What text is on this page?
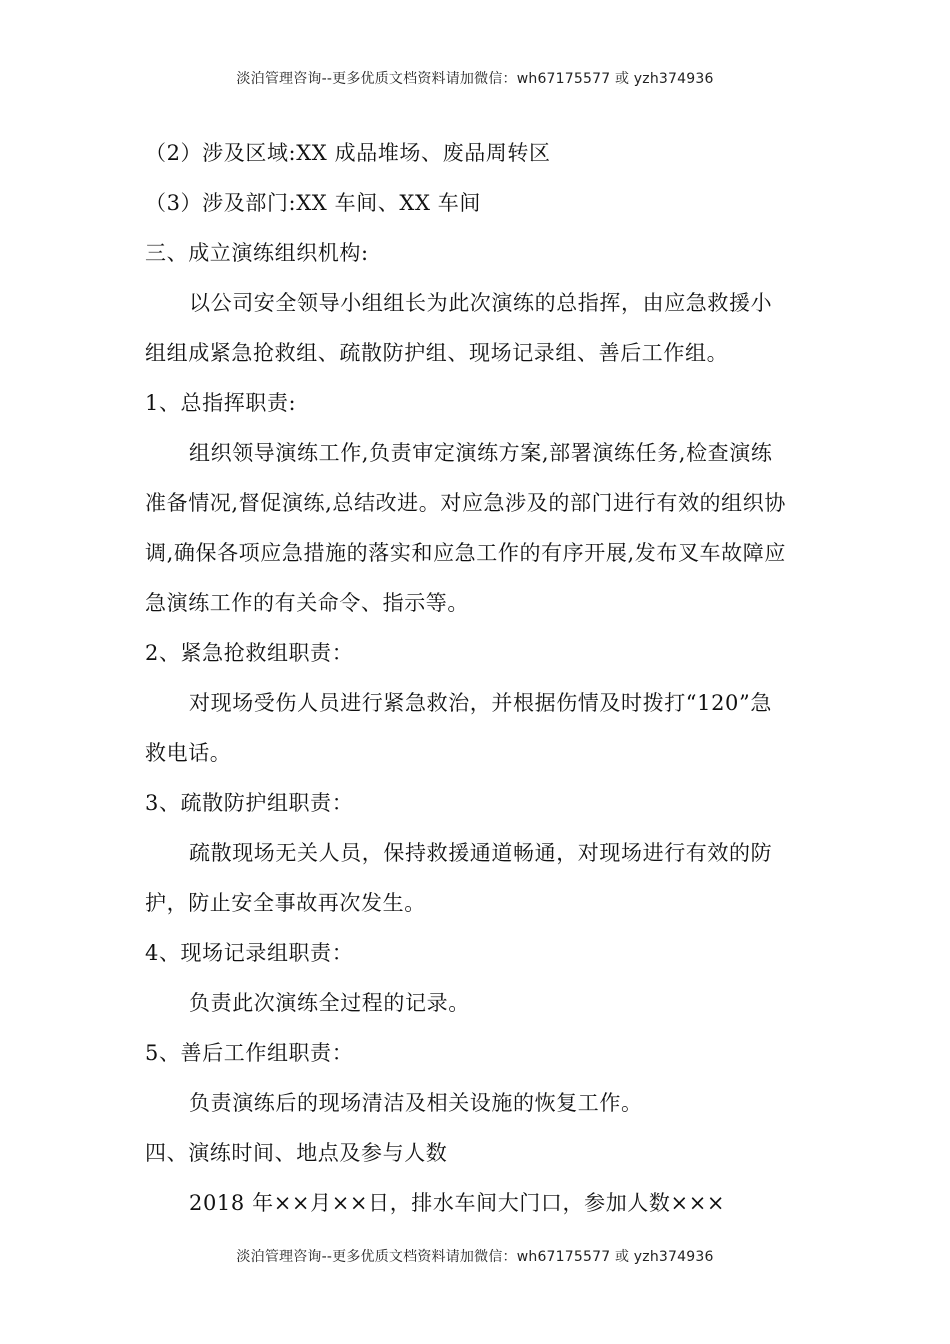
淡泊管理咨询--更多优质文档资料请加微信：wh67175577 或 yzh374936
（2）涉及区域:XX 成品堆场、废品周转区
（3）涉及部门:XX 车间、XX 车间
三、成立演练组织机构:
以公司安全领导小组组长为此次演练的总指挥，由应急救援小
组组成紧急抢救组、疏散防护组、现场记录组、善后工作组。
1、总指挥职责:
组织领导演练工作,负责审定演练方案,部署演练任务,检查演练
准备情况,督促演练,总结改进。对应急涉及的部门进行有效的组织协
调,确保各项应急措施的落实和应急工作的有序开展,发布叉车故障应
急演练工作的有关命令、指示等。
2、紧急抢救组职责：
对现场受伤人员进行紧急救治，并根据伤情及时拨打“120”急
救电话。
3、疏散防护组职责：
疏散现场无关人员，保持救援通道畅通，对现场进行有效的防
护，防止安全事故再次发生。
4、现场记录组职责：
负责此次演练全过程的记录。
5、善后工作组职责：
负责演练后的现场清洁及相关设施的恢复工作。
四、演练时间、地点及参与人数
2018 年××月××日，排水车间大门口，参加人数×××
淡泊管理咨询--更多优质文档资料请加微信：wh67175577 或 yzh374936
